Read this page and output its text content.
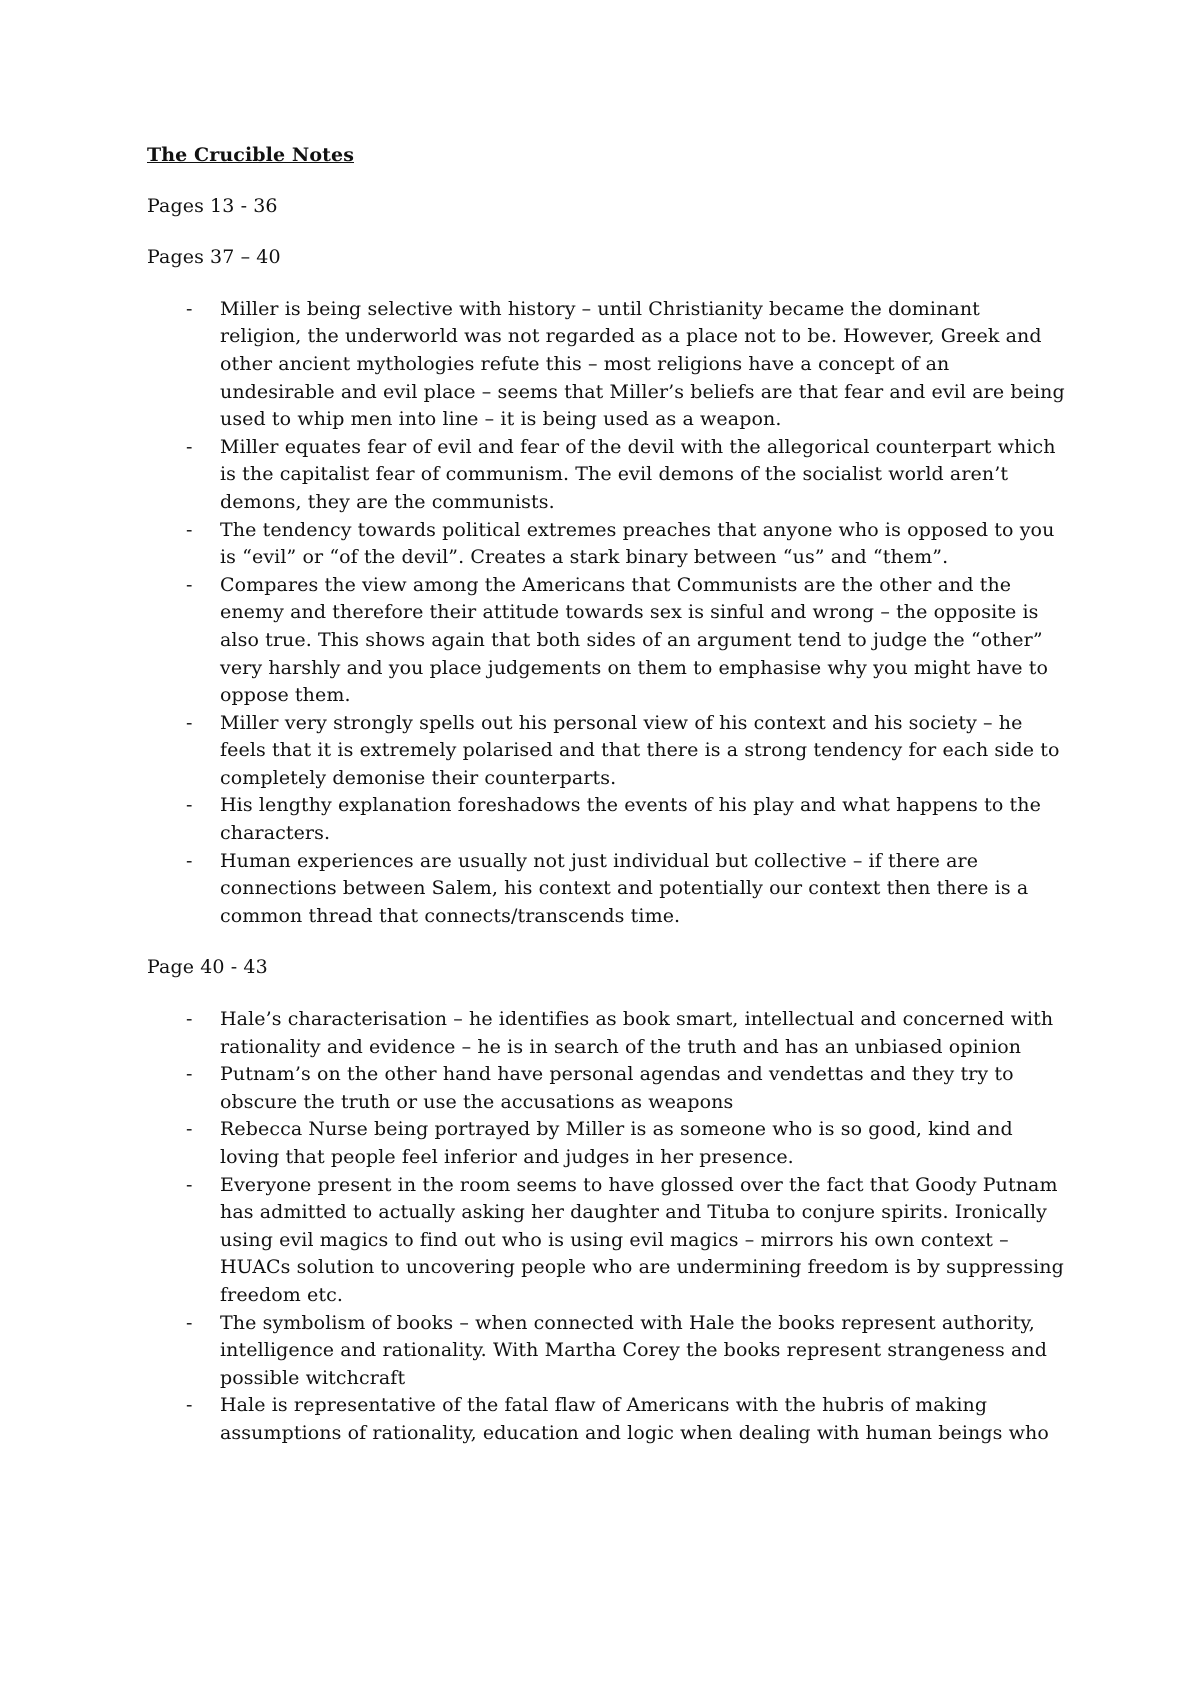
The Crucible Notes
Pages 13 - 36
Pages 37 – 40
- Miller is being selective with history – until Christianity became the dominant religion, the underworld was not regarded as a place not to be. However, Greek and other ancient mythologies refute this – most religions have a concept of an undesirable and evil place – seems that Miller’s beliefs are that fear and evil are being used to whip men into line – it is being used as a weapon.
- Miller equates fear of evil and fear of the devil with the allegorical counterpart which is the capitalist fear of communism. The evil demons of the socialist world aren’t demons, they are the communists.
- The tendency towards political extremes preaches that anyone who is opposed to you is “evil” or “of the devil”. Creates a stark binary between “us” and “them”.
- Compares the view among the Americans that Communists are the other and the enemy and therefore their attitude towards sex is sinful and wrong – the opposite is also true. This shows again that both sides of an argument tend to judge the “other” very harshly and you place judgements on them to emphasise why you might have to oppose them.
- Miller very strongly spells out his personal view of his context and his society – he feels that it is extremely polarised and that there is a strong tendency for each side to completely demonise their counterparts.
- His lengthy explanation foreshadows the events of his play and what happens to the characters.
- Human experiences are usually not just individual but collective – if there are connections between Salem, his context and potentially our context then there is a common thread that connects/transcends time.
Page 40 - 43
- Hale’s characterisation – he identifies as book smart, intellectual and concerned with rationality and evidence – he is in search of the truth and has an unbiased opinion
- Putnam’s on the other hand have personal agendas and vendettas and they try to obscure the truth or use the accusations as weapons
- Rebecca Nurse being portrayed by Miller is as someone who is so good, kind and loving that people feel inferior and judges in her presence.
- Everyone present in the room seems to have glossed over the fact that Goody Putnam has admitted to actually asking her daughter and Tituba to conjure spirits. Ironically using evil magics to find out who is using evil magics – mirrors his own context – HUACs solution to uncovering people who are undermining freedom is by suppressing freedom etc.
- The symbolism of books – when connected with Hale the books represent authority, intelligence and rationality. With Martha Corey the books represent strangeness and possible witchcraft
- Hale is representative of the fatal flaw of Americans with the hubris of making assumptions of rationality, education and logic when dealing with human beings who
